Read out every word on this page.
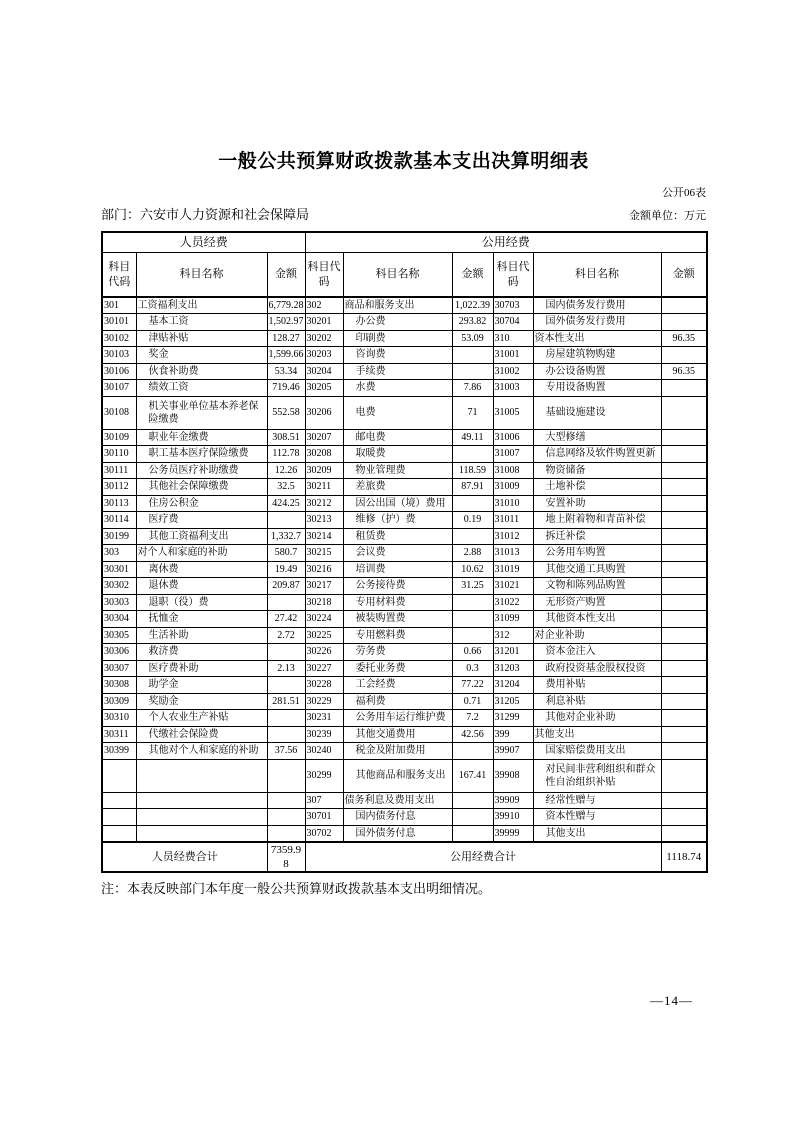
一般公共预算财政拨款基本支出决算明细表
公开06表
部门：六安市人力资源和社会保障局	金额单位：万元
人员经费			公用经费					
科目代码	科目名称	金额	科目代码	科目名称	金额	科目代码	科目名称	金额
301	工资福利支出	6,779.28	302	商品和服务支出	1,022.39	30703	国内债务发行费用	
30101	基本工资	1,502.97	30201	办公费	293.82	30704	国外债务发行费用	
30102	津贴补贴	128.27	30202	印刷费	53.09	310	资本性支出	96.35
30103	奖金	1,599.66	30203	咨询费		31001	房屋建筑物购建	
30106	伙食补助费	53.34	30204	手续费		31002	办公设备购置	96.35
30107	绩效工资	719.46	30205	水费	7.86	31003	专用设备购置	
30108	机关事业单位基本养老保险缴费	552.58	30206	电费	71	31005	基础设施建设	
30109	职业年金缴费	308.51	30207	邮电费	49.11	31006	大型修缮	
30110	职工基本医疗保险缴费	112.78	30208	取暖费		31007	信息网络及软件购置更新	
30111	公务员医疗补助缴费	12.26	30209	物业管理费	118.59	31008	物资储备	
30112	其他社会保障缴费	32.5	30211	差旅费	87.91	31009	土地补偿	
30113	住房公积金	424.25	30212	因公出国（境）费用		31010	安置补助	
30114	医疗费		30213	维修（护）费	0.19	31011	地上附着物和青苗补偿	
30199	其他工资福利支出	1,332.7	30214	租赁费		31012	拆迁补偿	
303	对个人和家庭的补助	580.7	30215	会议费	2.88	31013	公务用车购置	
30301	离休费	19.49	30216	培训费	10.62	31019	其他交通工具购置	
30302	退休费	209.87	30217	公务接待费	31.25	31021	文物和陈列品购置	
30303	退职（役）费		30218	专用材料费		31022	无形资产购置	
30304	抚恤金	27.42	30224	被装购置费		31099	其他资本性支出	
30305	生活补助	2.72	30225	专用燃料费		312	对企业补助	
30306	救济费		30226	劳务费	0.66	31201	资本金注入	
30307	医疗费补助	2.13	30227	委托业务费	0.3	31203	政府投资基金股权投资	
30308	助学金		30228	工会经费	77.22	31204	费用补贴	
30309	奖励金	281.51	30229	福利费	0.71	31205	利息补贴	
30310	个人农业生产补贴		30231	公务用车运行维护费	7.2	31299	其他对企业补助	
30311	代缴社会保险费		30239	其他交通费用	42.56	399	其他支出	
30399	其他对个人和家庭的补助	37.56	30240	税金及附加费用		39907	国家赔偿费用支出	
			30299	其他商品和服务支出	167.41	39908	对民间非营利组织和群众性自治组织补贴	
			307	债务利息及费用支出		39909	经常性赠与	
			30701	国内债务付息		39910	资本性赠与	
			30702	国外债务付息		39999	其他支出	
人员经费合计		7359.98	公用经费合计					1118.74
注：本表反映部门本年度一般公共预算财政拨款基本支出明细情况。
—14—
